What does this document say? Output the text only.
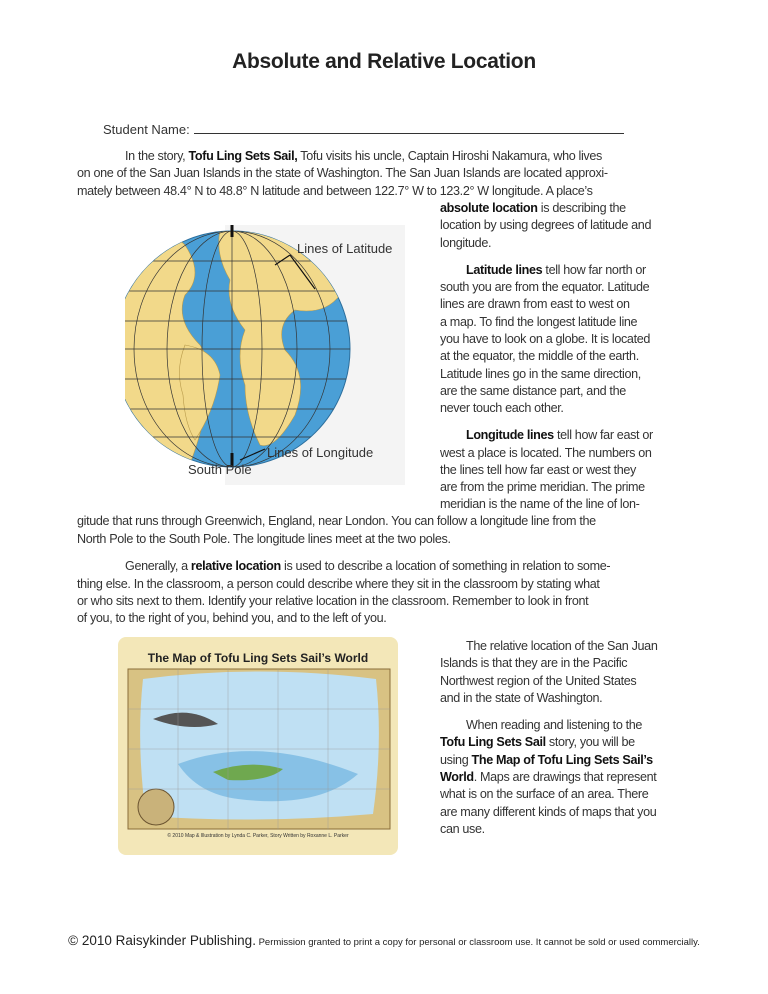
Absolute and Relative Location
Student Name:
In the story, Tofu Ling Sets Sail, Tofu visits his uncle, Captain Hiroshi Nakamura, who lives
on one of the San Juan Islands in the state of Washington. The San Juan Islands are located approxi-
mately between 48.4° N to 48.8° N latitude and between 122.7° W to 123.2° W longitude. A place’s
absolute location is describing the
location by using degrees of latitude and
longitude.
Latitude lines tell how far north or
south you are from the equator. Latitude
lines are drawn from east to west on
a map. To find the longest latitude line
you have to look on a globe. It is located
at the equator, the middle of the earth.
Latitude lines go in the same direction,
are the same distance part, and the
never touch each other.
Longitude lines tell how far east or
west a place is located. The numbers on
the lines tell how far east or west they
are from the prime meridian. The prime
meridian is the name of the line of lon-
gitude that runs through Greenwich, England, near London. You can follow a longitude line from the
North Pole to the South Pole. The longitude lines meet at the two poles.
Generally, a relative location is used to describe a location of something in relation to some-
thing else. In the classroom, a person could describe where they sit in the classroom by stating what
or who sits next to them. Identify your relative location in the classroom. Remember to look in front
of you, to the right of you, behind you, and to the left of you.
The relative location of the San Juan
Islands is that they are in the Pacific
Northwest region of the United States
and in the state of Washington.
When reading and listening to the
Tofu Ling Sets Sail story, you will be
using The Map of Tofu Ling Sets Sail’s
World. Maps are drawings that represent
what is on the surface of an area. There
are many different kinds of maps that you
can use.
Lines of Latitude
Lines of Longitude
South Pole
The Map of Tofu Ling Sets Sail’s World
© 2010 Map & Illustration by Lynda C. Parker, Story Written by Roxanne L. Parker
© 2010 Raisykinder Publishing. Permission granted to print a copy for personal or classroom use. It cannot be sold or used commercially.
